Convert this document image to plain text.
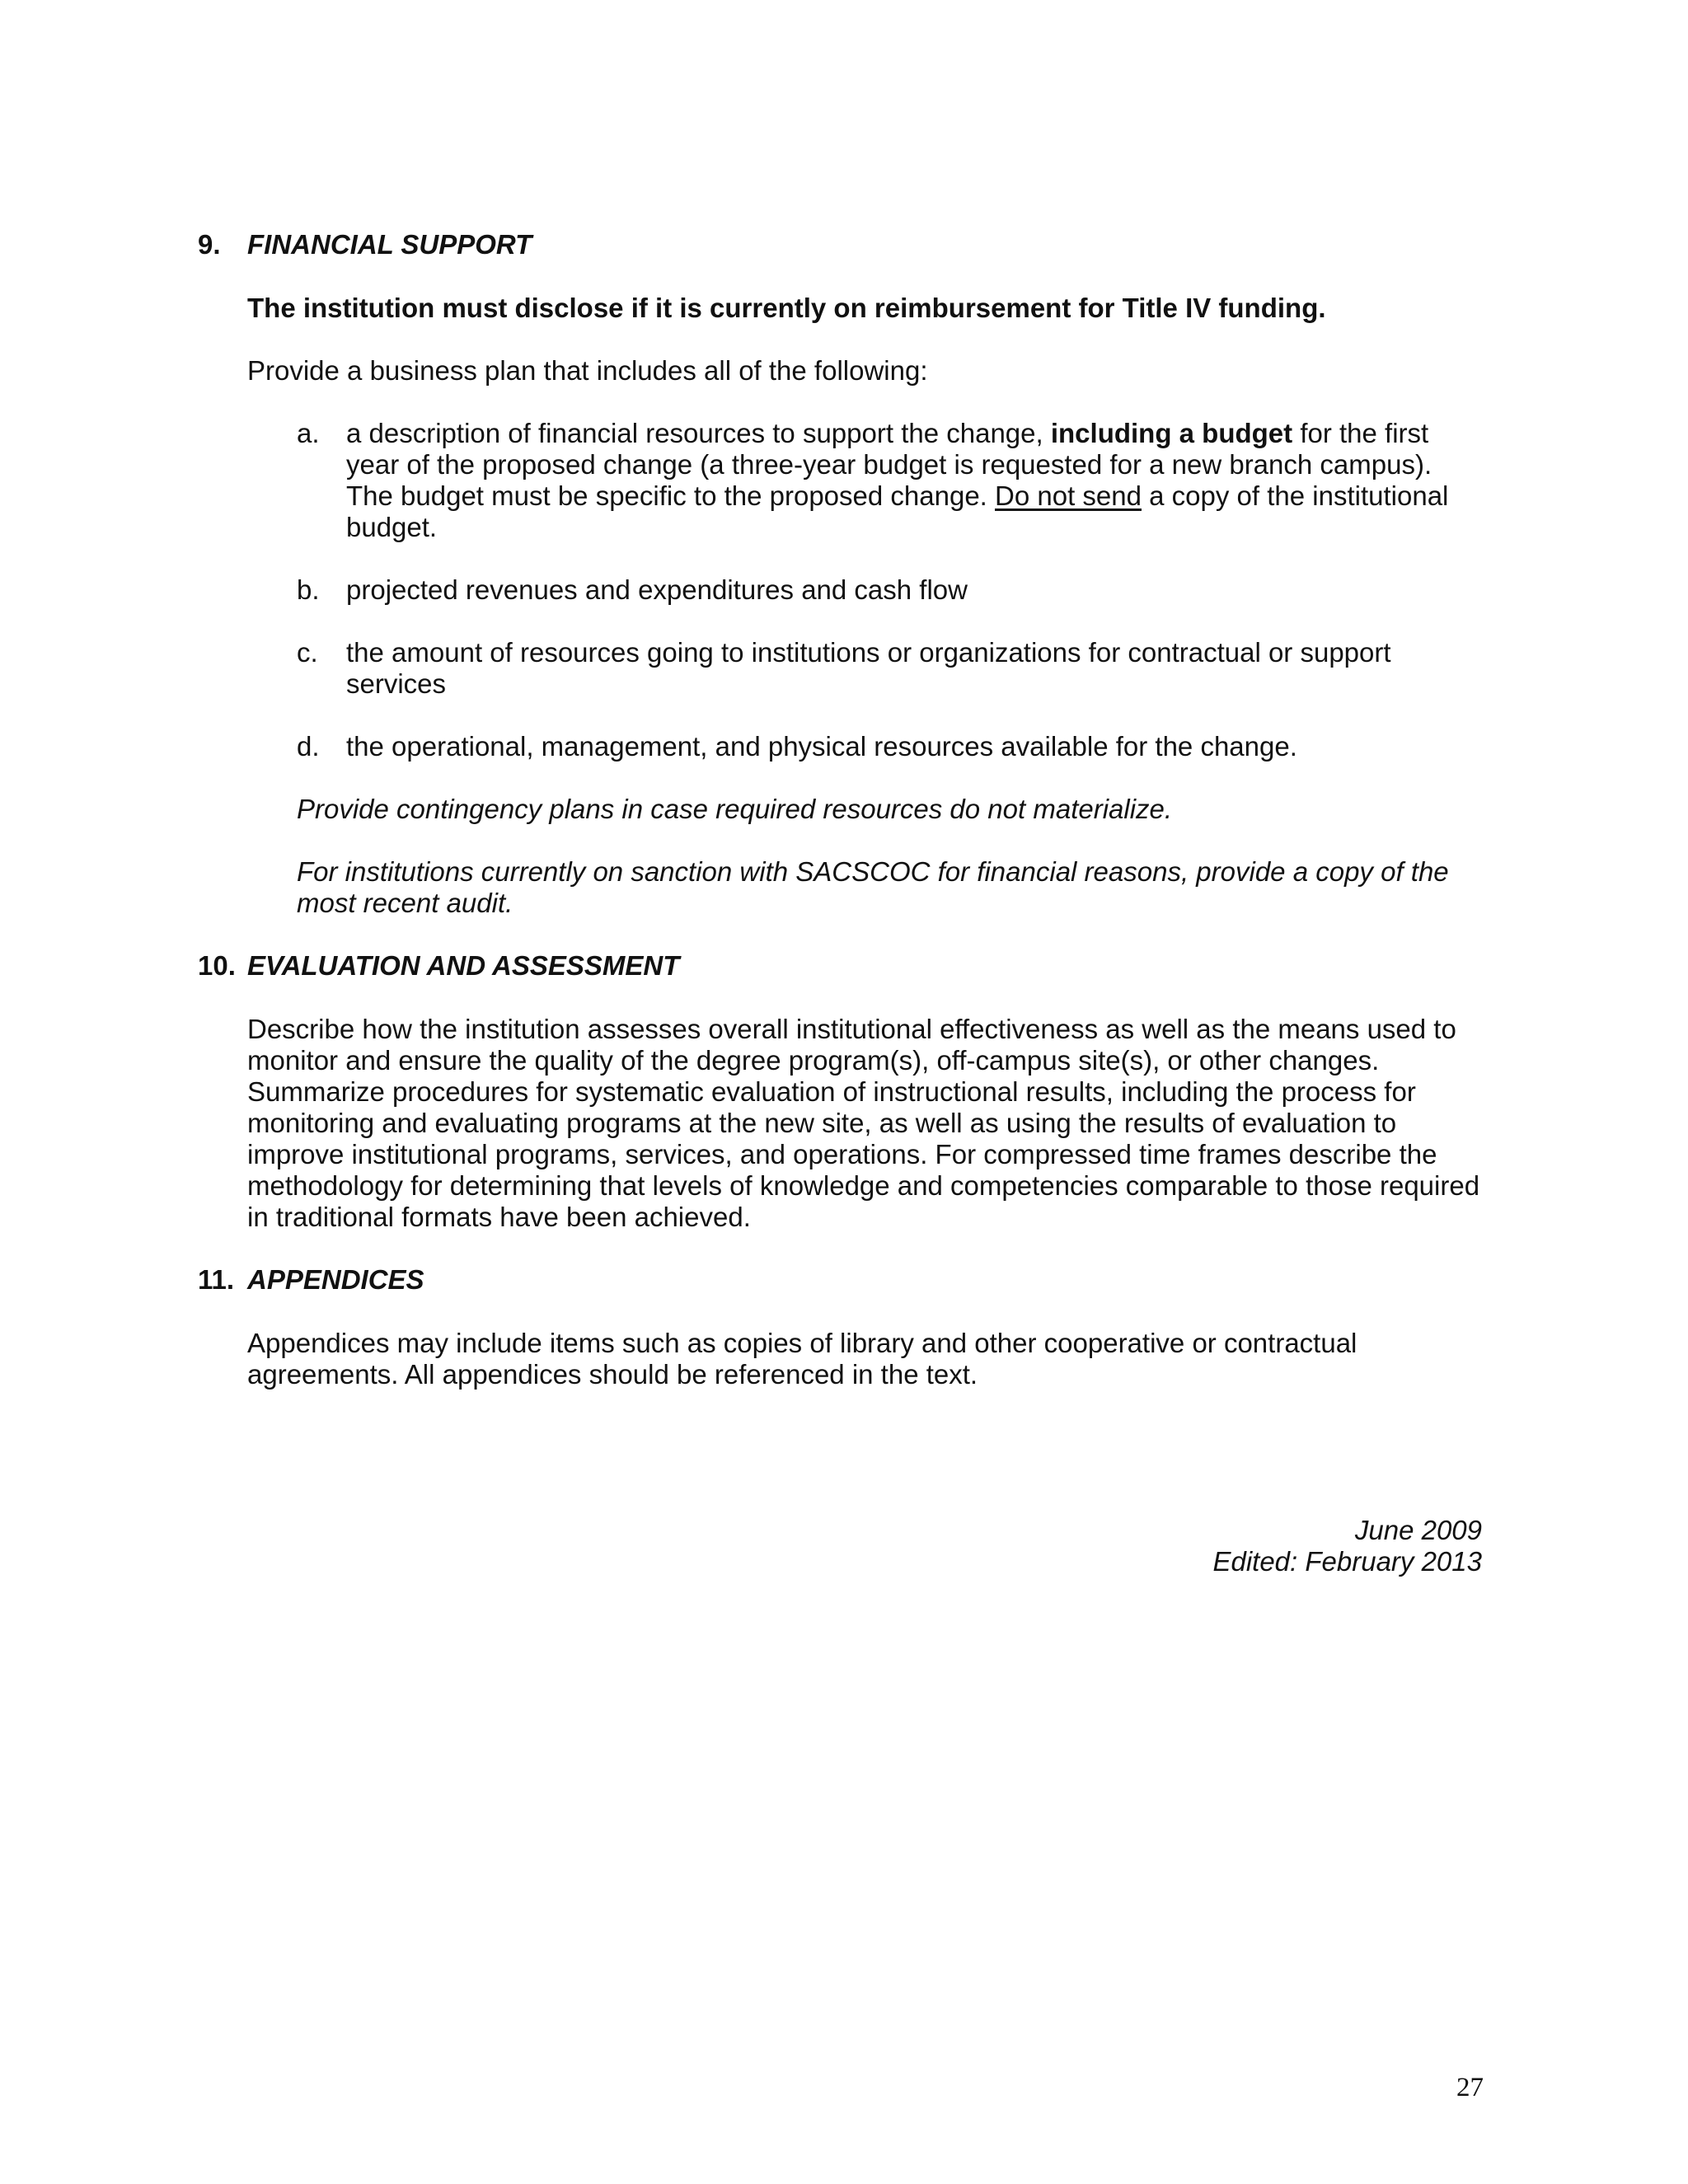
9. FINANCIAL SUPPORT

The institution must disclose if it is currently on reimbursement for Title IV funding.

Provide a business plan that includes all of the following:

a. a description of financial resources to support the change, including a budget for the first

year of the proposed change (a three-year budget is requested for a new branch campus).

The budget must be specific to the proposed change. Do not send a copy of the institutional

budget.

b. projected revenues and expenditures and cash flow

c. the amount of resources going to institutions or organizations for contractual or support

services

d. the operational, management, and physical resources available for the change.

Provide contingency plans in case required resources do not materialize.

For institutions currently on sanction with SACSCOC for financial reasons, provide a copy of the

most recent audit.

10. EVALUATION AND ASSESSMENT

Describe how the institution assesses overall institutional effectiveness as well as the means used to

monitor and ensure the quality of the degree program(s), off-campus site(s), or other changes.

Summarize procedures for systematic evaluation of instructional results, including the process for

monitoring and evaluating programs at the new site, as well as using the results of evaluation to

improve institutional programs, services, and operations. For compressed time frames describe the

methodology for determining that levels of knowledge and competencies comparable to those required

in traditional formats have been achieved.

11. APPENDICES

Appendices may include items such as copies of library and other cooperative or contractual

agreements. All appendices should be referenced in the text.

June 2009
Edited: February 2013
27
